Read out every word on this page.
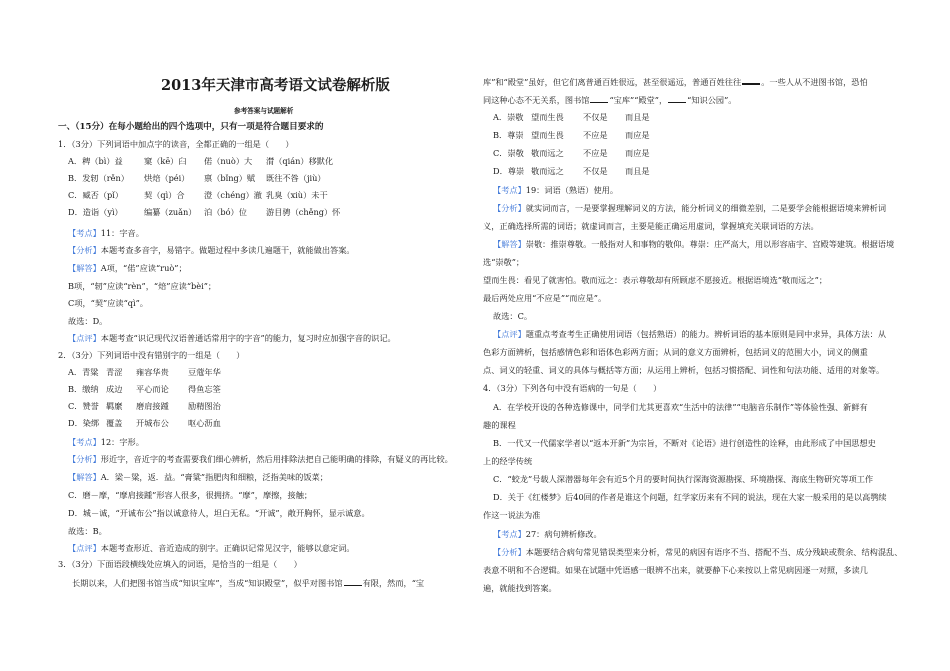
2013年天津市高考语文试卷解析版
参考答案与试题解析
一、（15分）在每小题给出的四个选项中，只有一项是符合题目要求的
1．（3分）下列词语中加点字的读音，全都正确的一组是（　　）
A．稗（bì）益	窠（kē）臼 偌（nuò）大 潸（qián）移默化
B．发轫（rěn） 烘焙（péi） 禀（bǐng）赋 既往不咎（jiù）
C．臧否（pǐ）	契（qì）合 澄（chéng）澈 乳臭（xiù）未干
D．造诣（yì）	编纂（zuǎn） 泊（bó）位 游目骋（chěng）怀
【考点】11：字音。
【分析】本题考查多音字，易错字。做题过程中多读几遍题干，就能做出答案。
【解答】A项，“偌”应读“ruò”；
B项，“轫”应读“rèn”，“焙”应读“bèi”；
C项，“契”应读“qì”。
故选：D。
【点评】本题考查“识记现代汉语普通话常用字的字音”的能力，复习时应加强字音的识记。
2．（3分）下列词语中没有错别字的一组是（　　）
A．青粱 青涩 雍容华贵 豆蔻年华
B．缴纳 成边 平心而论 得鱼忘筌
C．赞誉 羁縻 磨肩接踵 励精图治
D．染绑 覆盖 开城布公 呕心沥血
【考点】12：字形。
【分析】形近字，音近字的考查需要我们细心辨析，然后用排除法把自己能明确的排除，有疑义的再比较。
【解答】A．梁－粱，返．益。“膏粱”指肥肉和细粮，泛指美味的饭菜；
C．磨－摩，“摩肩接踵”形容人很多，很拥挤。“摩”，摩擦，接触；
D．城－诚，“开诚布公”指以诚意待人，坦白无私。“开诚”，敞开胸怀，显示诚意。
故选：B。
【点评】本题考查形近、音近造成的别字。正确识记常见汉字，能够以意定词。
3．（3分）下面语段横线处应填入的词语，是恰当的一组是（　　）
长期以来，人们把图书馆当成“知识宝库”，当成“知识殿堂”，似乎对图书馆 有限，然而，“宝
库”和“殿堂”虽好，但它们离普通百姓很远，甚至很遥远，普通百姓往往 。一些人从不进图书馆，恐怕
同这种心态不无关系，图书馆 “宝库”“殿堂”， “知识公园”。
A．崇敬 望而生畏 不仅是 而且是
B．尊崇 望而生畏 不应是 而应是
C．崇敬 敬而远之 不应是 而应是
D．尊崇 敬而远之 不仅是 而且是
【考点】19：词语（熟语）使用。
【分析】就实词而言，一是要掌握理解词义的方法，能分析词义的细微差别，二是要学会能根据语境来辨析词
义，正确选择所需的词语；就虚词而言，主要是能正确运用虚词，掌握填充关联词语的方法。
【解答】崇敬：推崇尊敬。一般指对人和事物的敬仰。尊崇：庄严高大，用以形容庙宇、宫殿等建筑。根据语境
选“崇敬”；
望而生畏：看见了就害怕。敬而远之：表示尊敬却有所顾虑不愿接近。根据语境选“敬而远之”；
最后两处应用“不应是”“而应是”。
故选：C。
【点评】题重点考查考生正确使用词语（包括熟语）的能力。辨析词语的基本原则是同中求异，具体方法：从
色彩方面辨析，包括感情色彩和语体色彩两方面；从词的意义方面辨析，包括词义的范围大小，词义的侧重
点、词义的轻重、词义的具体与概括等方面；从运用上辨析，包括习惯搭配、词性和句法功能、适用的对象等。
4．（3分）下列各句中没有语病的一句是（　　）
A．在学校开设的各种选修课中，同学们尤其更喜欢“生活中的法律”“电脑音乐制作”等体验性强、新鲜有
趣的课程
B．一代又一代儒家学者以“返本开新”为宗旨，不断对《论语》进行创造性的诠释，由此形成了中国思想史
上的经学传统
C．“蛟龙”号载人深潜器每年会有近5个月的要时间执行深海资源勘探、环境勘探、海底生物研究等项工作
D．关于《红楼梦》后40回的作者是谁这个问题，红学家历来有不同的说法，现在大家一般采用的是以高鹗续
作这一说法为准
【考点】27：病句辨析修改。
【分析】本题要结合病句常见错误类型来分析，常见的病因有语序不当、搭配不当、成分残缺或赘余、结构混乱、
表意不明和不合逻辑。如果在试题中凭语感一眼辨不出来，就要静下心来按以上常见病因逐一对照，多读几
遍，就能找到答案。
